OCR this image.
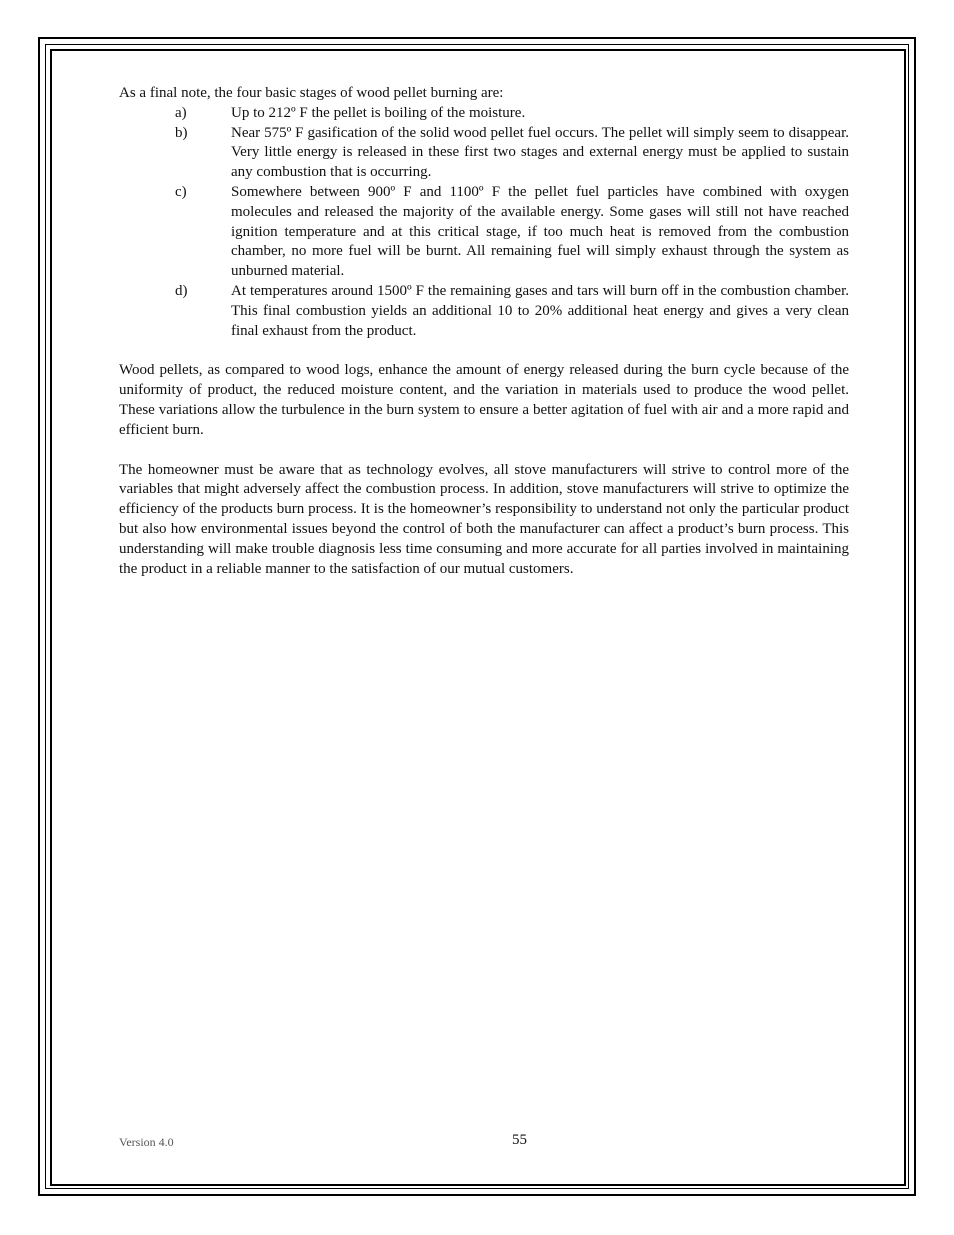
As a final note, the four basic stages of wood pellet burning are:

a)	Up to 212º F the pellet is boiling of the moisture.
b)	Near 575º F gasification of the solid wood pellet fuel occurs. The pellet will simply seem to disappear. Very little energy is released in these first two stages and external energy must be applied to sustain any combustion that is occurring.
c)	Somewhere between 900º F and 1100º F the pellet fuel particles have combined with oxygen molecules and released the majority of the available energy. Some gases will still not have reached ignition temperature and at this critical stage, if too much heat is removed from the combustion chamber, no more fuel will be burnt. All remaining fuel will simply exhaust through the system as unburned material.
d)	At temperatures around 1500º F the remaining gases and tars will burn off in the combustion chamber. This final combustion yields an additional 10 to 20% additional heat energy and gives a very clean final exhaust from the product.

Wood pellets, as compared to wood logs, enhance the amount of energy released during the burn cycle because of the uniformity of product, the reduced moisture content, and the variation in materials used to produce the wood pellet. These variations allow the turbulence in the burn system to ensure a better agitation of fuel with air and a more rapid and efficient burn.

The homeowner must be aware that as technology evolves, all stove manufacturers will strive to control more of the variables that might adversely affect the combustion process. In addition, stove manufacturers will strive to optimize the efficiency of the products burn process. It is the homeowner’s responsibility to understand not only the particular product but also how environmental issues beyond the control of both the manufacturer can affect a product’s burn process. This understanding will make trouble diagnosis less time consuming and more accurate for all parties involved in maintaining the product in a reliable manner to the satisfaction of our mutual customers.

Version 4.0	55
